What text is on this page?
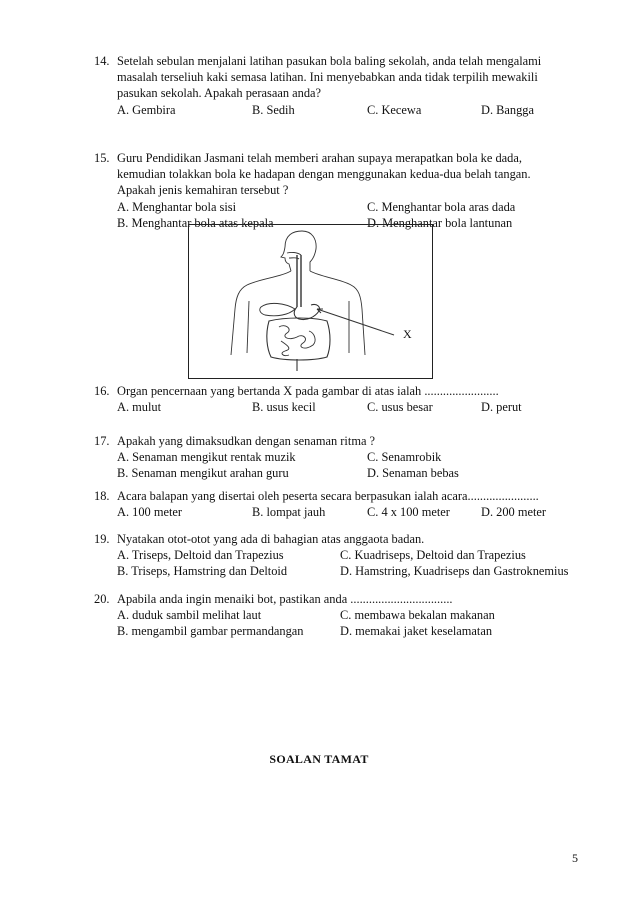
14. Setelah sebulan menjalani latihan pasukan bola baling sekolah, anda telah mengalami
masalah terseliuh kaki semasa latihan. Ini menyebabkan anda tidak terpilih mewakili
pasukan sekolah. Apakah perasaan anda?
A. Gembira	B. Sedih	C. Kecewa	D. Bangga
15. Guru Pendidikan Jasmani telah memberi arahan supaya merapatkan bola ke dada,
kemudian tolakkan bola ke hadapan dengan menggunakan kedua-dua belah tangan.
Apakah jenis kemahiran tersebut ?
A. Menghantar bola sisi	C. Menghantar bola aras dada
B. Menghantar bola atas kepala	D. Menghantar bola lantunan
X
16. Organ pencernaan yang bertanda X pada gambar di atas ialah ........................
A. mulut	B. usus kecil	C. usus besar	D. perut
17. Apakah yang dimaksudkan dengan senaman ritma ?
A. Senaman mengikut rentak muzik	C. Senamrobik
B. Senaman mengikut arahan guru	D. Senaman bebas
18. Acara balapan yang disertai oleh peserta secara berpasukan ialah acara.......................
A. 100 meter	B. lompat jauh	C. 4 x 100 meter	D. 200 meter
19. Nyatakan otot-otot yang ada di bahagian atas anggaota badan.
A. Triseps, Deltoid dan Trapezius	C. Kuadriseps, Deltoid dan Trapezius
B. Triseps, Hamstring dan Deltoid	D. Hamstring, Kuadriseps dan Gastroknemius
20. Apabila anda ingin menaiki bot, pastikan anda .................................
A. duduk sambil melihat laut	C. membawa bekalan makanan
B. mengambil gambar permandangan	D. memakai jaket keselamatan
SOALAN TAMAT
5
